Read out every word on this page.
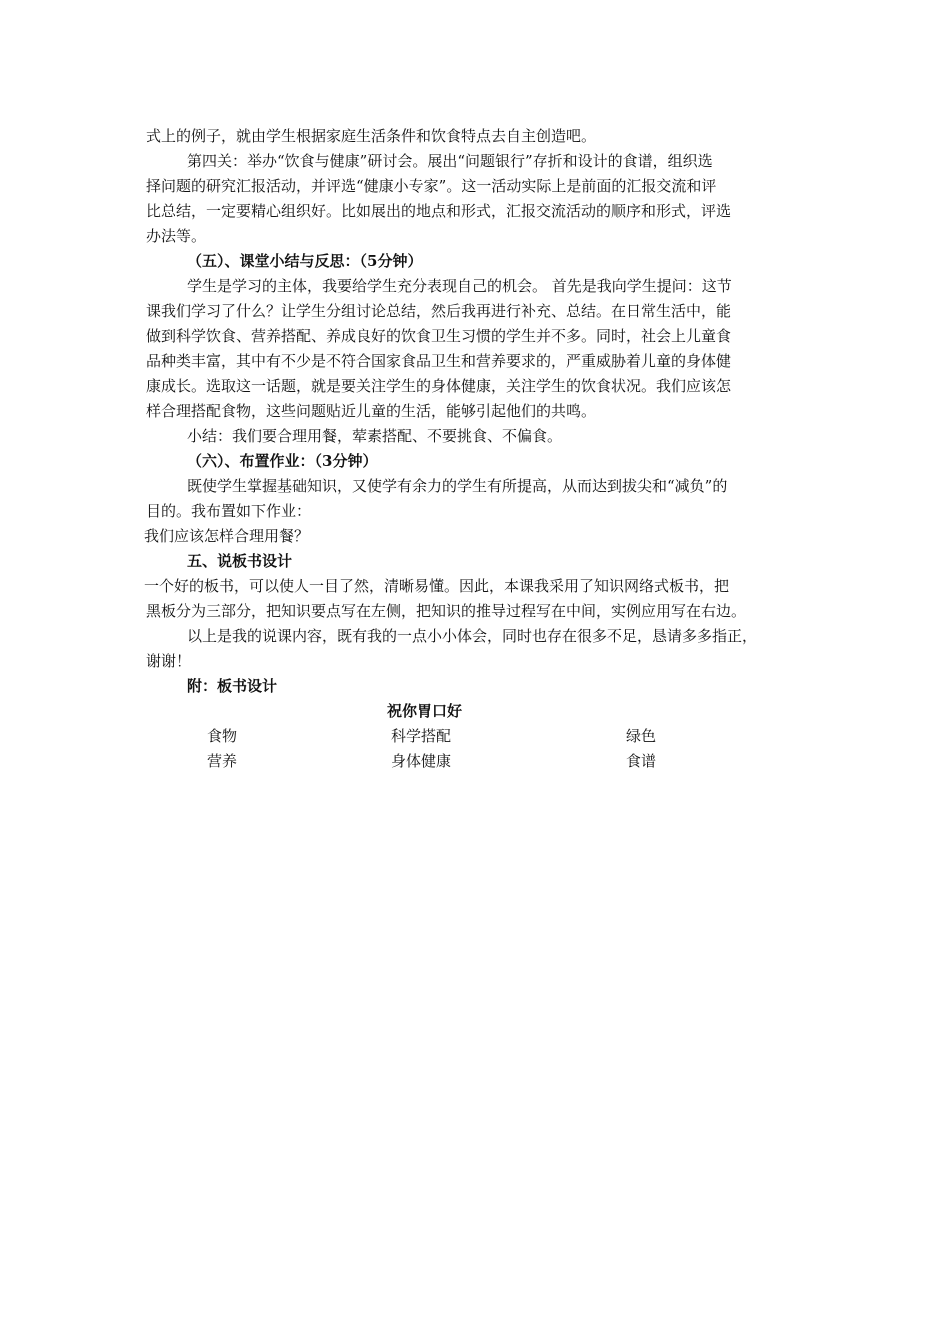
式上的例子，就由学生根据家庭生活条件和饮食特点去自主创造吧。
第四关：举办“饮食与健康”研讨会。展出“问题银行”存折和设计的食谱，组织选
择问题的研究汇报活动，并评选“健康小专家”。这一活动实际上是前面的汇报交流和评
比总结，一定要精心组织好。比如展出的地点和形式，汇报交流活动的顺序和形式，评选
办法等。
（五）、课堂小结与反思：（5分钟）
学生是学习的主体，我要给学生充分表现自己的机会。 首先是我向学生提问：这节
课我们学习了什么？让学生分组讨论总结，然后我再进行补充、总结。在日常生活中，能
做到科学饮食、营养搭配、养成良好的饮食卫生习惯的学生并不多。同时，社会上儿童食
品种类丰富，其中有不少是不符合国家食品卫生和营养要求的，严重威胁着儿童的身体健
康成长。选取这一话题，就是要关注学生的身体健康，关注学生的饮食状况。我们应该怎
样合理搭配食物，这些问题贴近儿童的生活，能够引起他们的共鸣。
小结：我们要合理用餐，荤素搭配、不要挑食、不偏食。
（六）、布置作业：（3分钟）
既使学生掌握基础知识，又使学有余力的学生有所提高，从而达到拔尖和“减负”的
目的。我布置如下作业：
我们应该怎样合理用餐？
五、说板书设计
一个好的板书，可以使人一目了然，清晰易懂。因此，本课我采用了知识网络式板书，把
黑板分为三部分，把知识要点写在左侧，把知识的推导过程写在中间，实例应用写在右边。
以上是我的说课内容，既有我的一点小小体会，同时也存在很多不足，恳请多多指正，
谢谢！
附：板书设计
祝你胃口好
食物	科学搭配	绿色
营养	身体健康	食谱
